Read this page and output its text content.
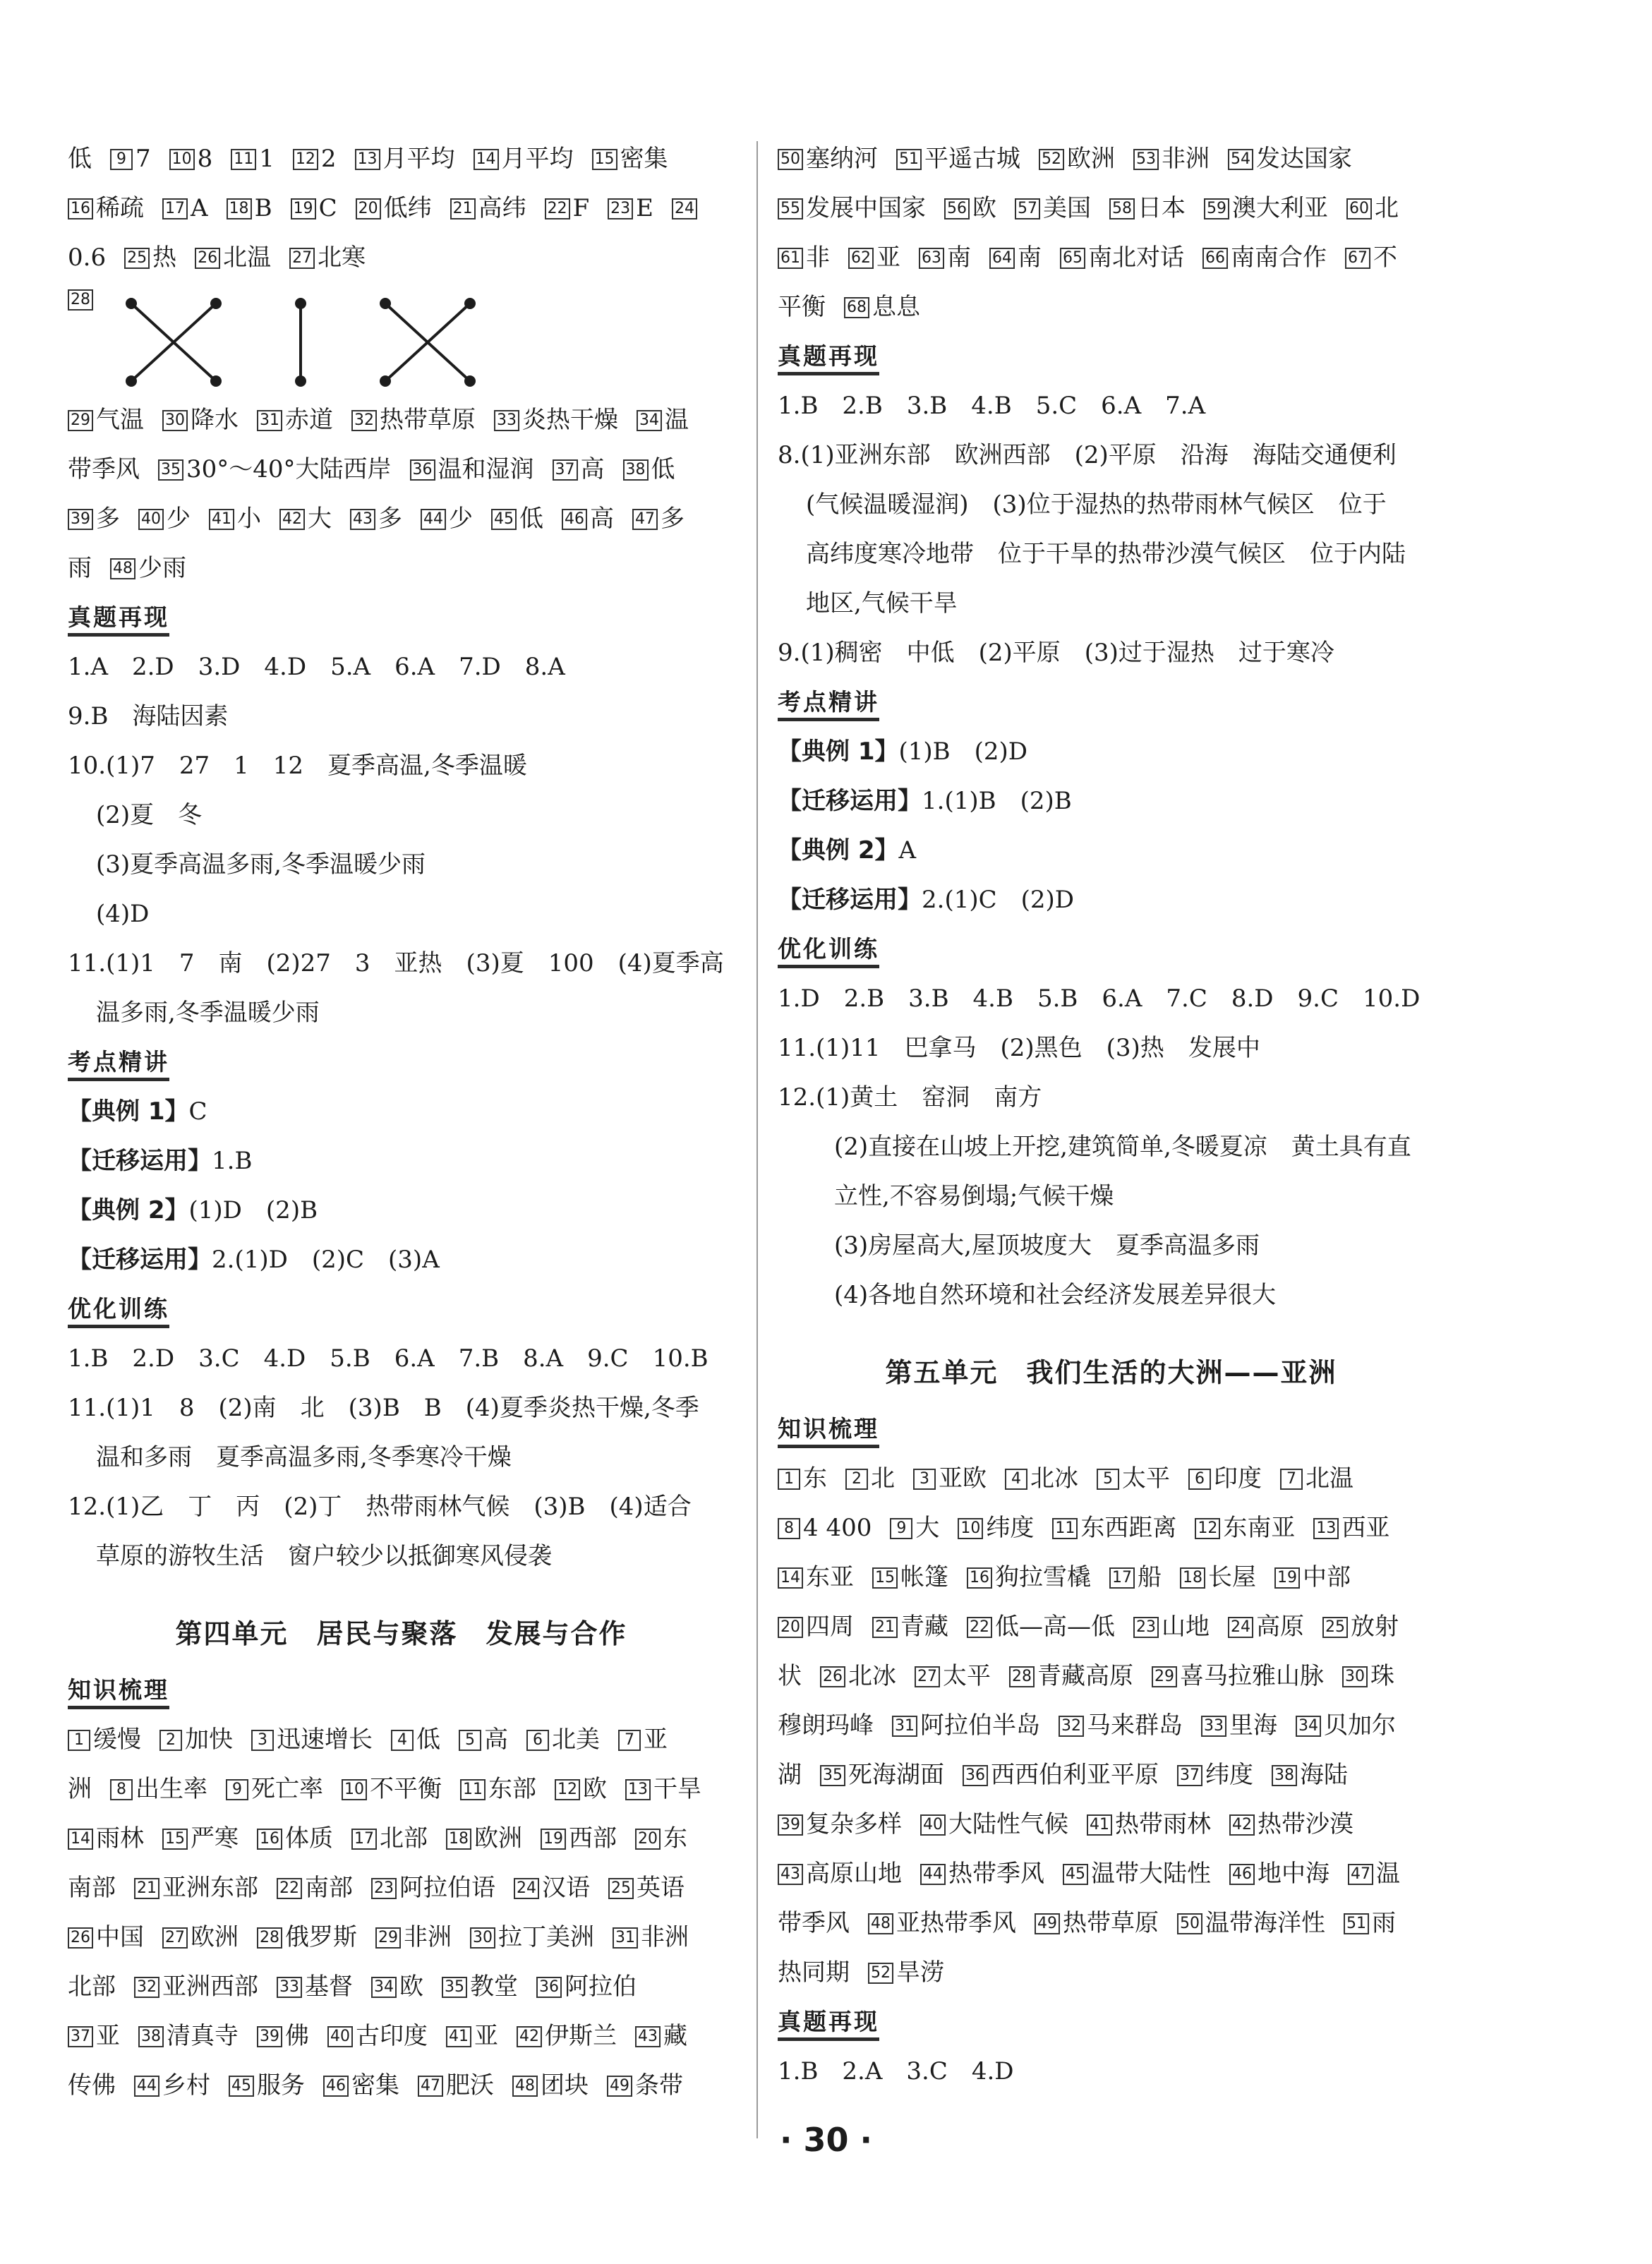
低 9 7 10 8 11 1 12 2 13 月平均 14 月平均 15 密集
16 稀疏 17 A 18 B 19 C 20 低纬 21 高纬 22 F 23 E 24
0.6 25 热 26 北温 27 北寒
28
29 气温 30 降水 31 赤道 32 热带草原 33 炎热干燥 34 温
带季风 35 30°～40°大陆西岸 36 温和湿润 37 高 38 低
39 多 40 少 41 小 42 大 43 多 44 少 45 低 46 高 47 多
雨 48 少雨
真题再现
1.A　2.D　3.D　4.D　5.A　6.A　7.D　8.A
9.B　海陆因素
10.(1)7　27　1　12　夏季高温,冬季温暖
(2)夏　冬
(3)夏季高温多雨,冬季温暖少雨
(4)D
11.(1)1　7　南　(2)27　3　亚热　(3)夏　100　(4)夏季高
温多雨,冬季温暖少雨
考点精讲
【典例 1】C
【迁移运用】1.B
【典例 2】(1)D　(2)B
【迁移运用】2.(1)D　(2)C　(3)A
优化训练
1.B　2.D　3.C　4.D　5.B　6.A　7.B　8.A　9.C　10.B
11.(1)1　8　(2)南　北　(3)B　B　(4)夏季炎热干燥,冬季
温和多雨　夏季高温多雨,冬季寒冷干燥
12.(1)乙　丁　丙　(2)丁　热带雨林气候　(3)B　(4)适合
草原的游牧生活　窗户较少以抵御寒风侵袭
第四单元　居民与聚落　发展与合作
知识梳理
1 缓慢 2 加快 3 迅速增长 4 低 5 高 6 北美 7 亚
洲 8 出生率 9 死亡率 10 不平衡 11 东部 12 欧 13 干旱
14 雨林 15 严寒 16 体质 17 北部 18 欧洲 19 西部 20 东
南部 21 亚洲东部 22 南部 23 阿拉伯语 24 汉语 25 英语
26 中国 27 欧洲 28 俄罗斯 29 非洲 30 拉丁美洲 31 非洲
北部 32 亚洲西部 33 基督 34 欧 35 教堂 36 阿拉伯
37 亚 38 清真寺 39 佛 40 古印度 41 亚 42 伊斯兰 43 藏
传佛 44 乡村 45 服务 46 密集 47 肥沃 48 团块 49 条带
50 塞纳河 51 平遥古城 52 欧洲 53 非洲 54 发达国家
55 发展中国家 56 欧 57 美国 58 日本 59 澳大利亚 60 北
61 非 62 亚 63 南 64 南 65 南北对话 66 南南合作 67 不
平衡 68 息息
真题再现
1.B　2.B　3.B　4.B　5.C　6.A　7.A
8.(1)亚洲东部　欧洲西部　(2)平原　沿海　海陆交通便利
(气候温暖湿润)　(3)位于湿热的热带雨林气候区　位于
高纬度寒冷地带　位于干旱的热带沙漠气候区　位于内陆
地区,气候干旱
9.(1)稠密　中低　(2)平原　(3)过于湿热　过于寒冷
考点精讲
【典例 1】(1)B　(2)D
【迁移运用】1.(1)B　(2)B
【典例 2】A
【迁移运用】2.(1)C　(2)D
优化训练
1.D　2.B　3.B　4.B　5.B　6.A　7.C　8.D　9.C　10.D
11.(1)11　巴拿马　(2)黑色　(3)热　发展中
12.(1)黄土　窑洞　南方
(2)直接在山坡上开挖,建筑简单,冬暖夏凉　黄土具有直
立性,不容易倒塌;气候干燥
(3)房屋高大,屋顶坡度大　夏季高温多雨
(4)各地自然环境和社会经济发展差异很大
第五单元　我们生活的大洲——亚洲
知识梳理
1 东 2 北 3 亚欧 4 北冰 5 太平 6 印度 7 北温
8 4 400 9 大 10 纬度 11 东西距离 12 东南亚 13 西亚
14 东亚 15 帐篷 16 狗拉雪橇 17 船 18 长屋 19 中部
20 四周 21 青藏 22 低—高—低 23 山地 24 高原 25 放射
状 26 北冰 27 太平 28 青藏高原 29 喜马拉雅山脉 30 珠
穆朗玛峰 31 阿拉伯半岛 32 马来群岛 33 里海 34 贝加尔
湖 35 死海湖面 36 西西伯利亚平原 37 纬度 38 海陆
39 复杂多样 40 大陆性气候 41 热带雨林 42 热带沙漠
43 高原山地 44 热带季风 45 温带大陆性 46 地中海 47 温
带季风 48 亚热带季风 49 热带草原 50 温带海洋性 51 雨
热同期 52 旱涝
真题再现
1.B　2.A　3.C　4.D
· 30 ·
